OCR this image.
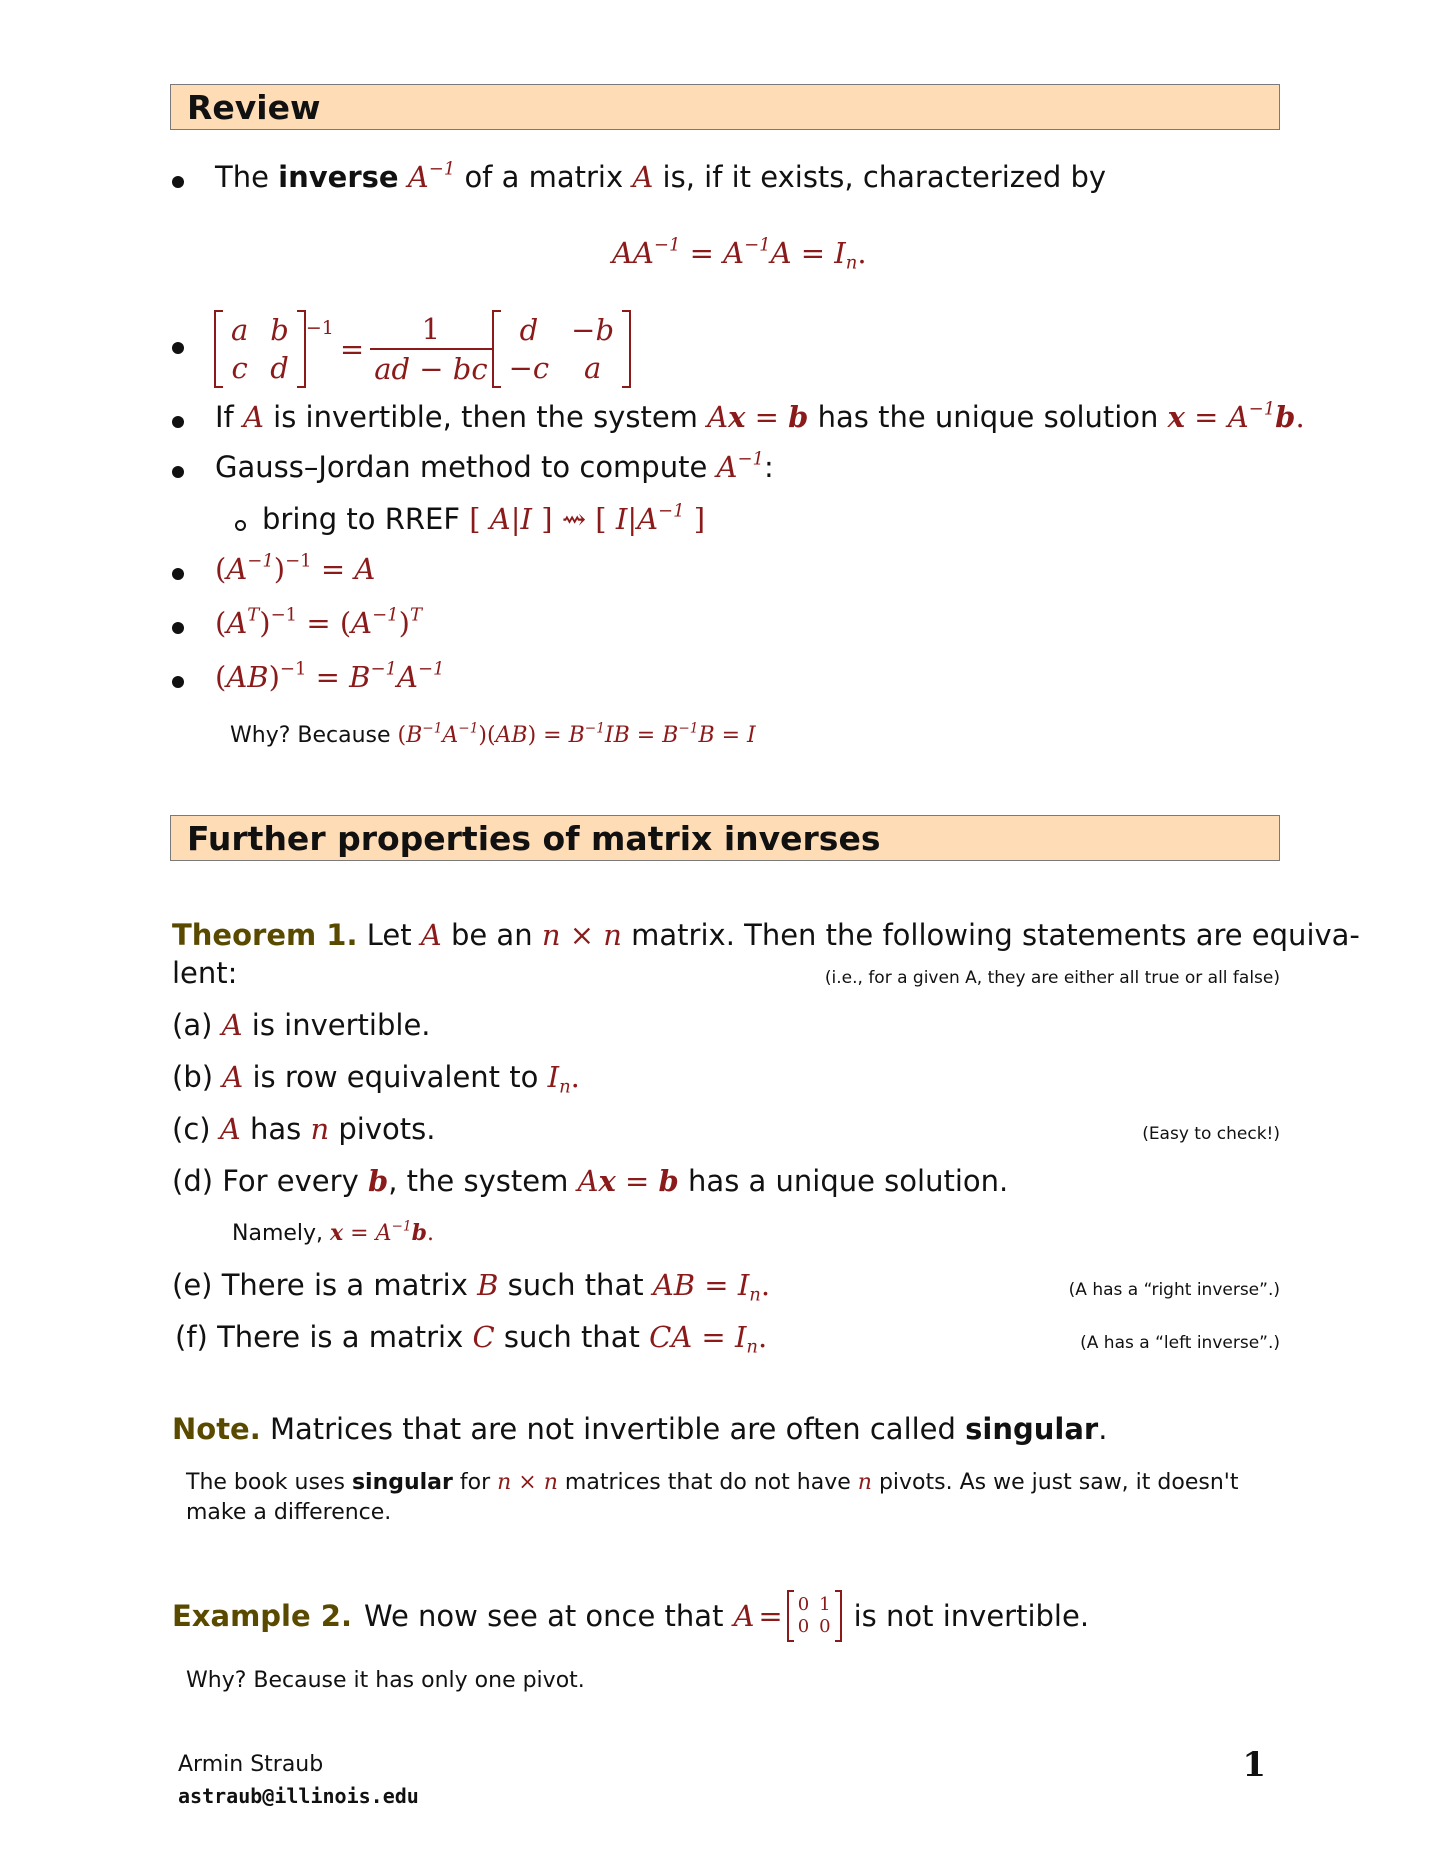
Review
The inverse $A^{-1}$ of a matrix A is, if it exists, characterized by
$AA^{-1} = A^{-1}A = I_n$.
a b
c d
−1
= $\frac{1}{ad - bc}$ d	−b
−c	a
If A is invertible, then the system Ax = b has the unique solution $x = A^{-1}b$.
Gauss–Jordan method to compute $A^{-1}$:
bring to RREF [ A|I ] ⇝ [ $I|A^{-1}$ ]
$(A^{-1})^{-1} = A$
$(A^T)^{-1} = (A^{-1})^T$
$(AB)^{-1} = B^{-1}A^{-1}$
Why? Because $(B^{-1}A^{-1})(AB) = B^{-1}IB = B^{-1}B = I$
Further properties of matrix inverses
Theorem 1. Let A be an n × n matrix. Then the following statements are equiva-
lent:	(i.e., for a given A, they are either all true or all false)
(a) A is invertible.
(b) A is row equivalent to $I_n$.
(c) A has n pivots.	(Easy to check!)
(d) For every b, the system Ax = b has a unique solution.
Namely, $x = A^{-1}b$.
(e) There is a matrix B such that AB = $I_n$.	(A has a “right inverse”.)
(f) There is a matrix C such that CA = $I_n$.	(A has a “left inverse”.)
Note. Matrices that are not invertible are often called singular.
The book uses singular for n × n matrices that do not have n pivots. As we just saw, it doesn't
make a difference.
Example 2. We now see at once that A = 0 1
0 0 is not invertible.
Why? Because it has only one pivot.
Armin Straub
astraub@illinois.edu
1
